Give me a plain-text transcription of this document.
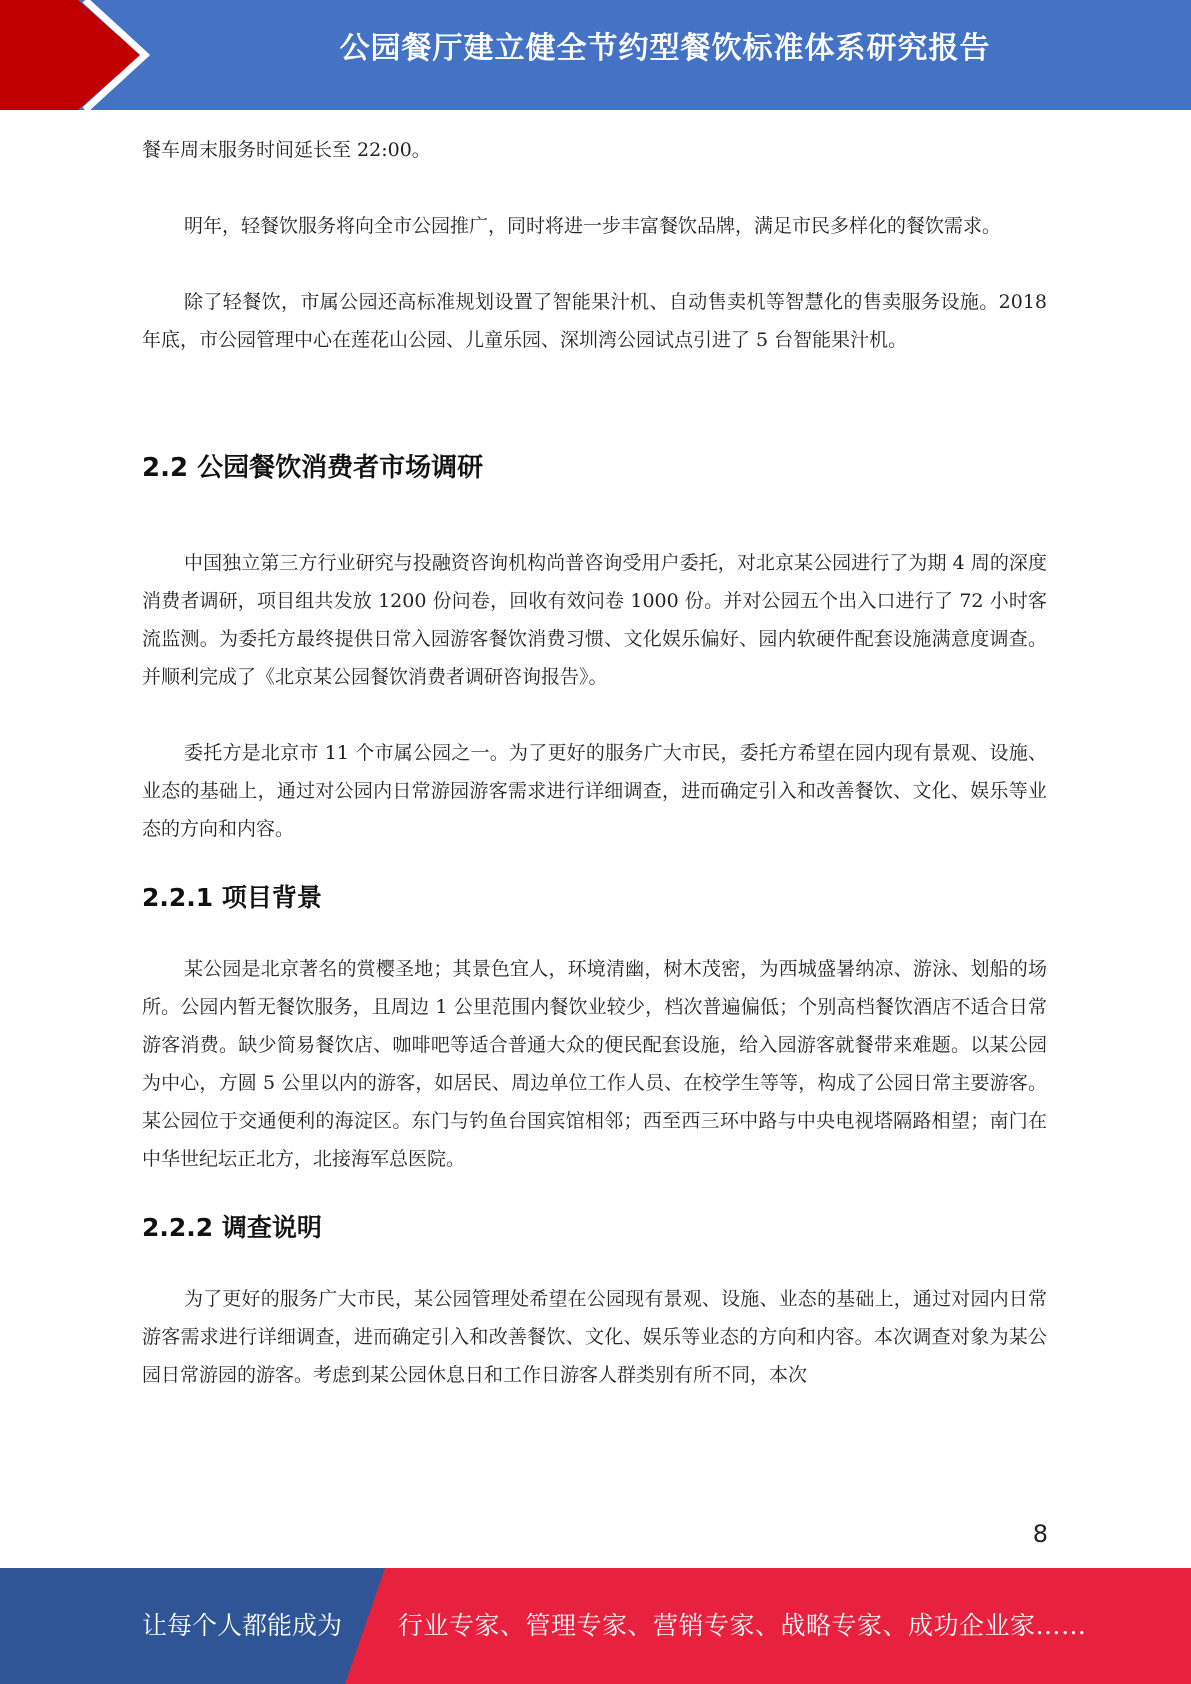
公园餐厅建立健全节约型餐饮标准体系研究报告

餐车周末服务时间延长至 22:00。

明年，轻餐饮服务将向全市公园推广，同时将进一步丰富餐饮品牌，满足市民多样化的餐饮需求。

除了轻餐饮，市属公园还高标准规划设置了智能果汁机、自动售卖机等智慧化的售卖服务设施。2018 年底，市公园管理中心在莲花山公园、儿童乐园、深圳湾公园试点引进了 5 台智能果汁机。

2.2 公园餐饮消费者市场调研

中国独立第三方行业研究与投融资咨询机构尚普咨询受用户委托，对北京某公园进行了为期 4 周的深度消费者调研，项目组共发放 1200 份问卷，回收有效问卷 1000 份。并对公园五个出入口进行了 72 小时客流监测。为委托方最终提供日常入园游客餐饮消费习惯、文化娱乐偏好、园内软硬件配套设施满意度调查。并顺利完成了《北京某公园餐饮消费者调研咨询报告》。

委托方是北京市 11 个市属公园之一。为了更好的服务广大市民，委托方希望在园内现有景观、设施、业态的基础上，通过对公园内日常游园游客需求进行详细调查，进而确定引入和改善餐饮、文化、娱乐等业态的方向和内容。

2.2.1 项目背景

某公园是北京著名的赏樱圣地；其景色宜人，环境清幽，树木茂密，为西城盛暑纳凉、游泳、划船的场所。公园内暂无餐饮服务，且周边 1 公里范围内餐饮业较少，档次普遍偏低；个别高档餐饮酒店不适合日常游客消费。缺少简易餐饮店、咖啡吧等适合普通大众的便民配套设施，给入园游客就餐带来难题。以某公园为中心，方圆 5 公里以内的游客，如居民、周边单位工作人员、在校学生等等，构成了公园日常主要游客。某公园位于交通便利的海淀区。东门与钓鱼台国宾馆相邻；西至西三环中路与中央电视塔隔路相望；南门在中华世纪坛正北方，北接海军总医院。

2.2.2 调查说明

为了更好的服务广大市民，某公园管理处希望在公园现有景观、设施、业态的基础上，通过对园内日常游客需求进行详细调查，进而确定引入和改善餐饮、文化、娱乐等业态的方向和内容。本次调查对象为某公园日常游园的游客。考虑到某公园休息日和工作日游客人群类别有所不同，本次

8
让每个人都能成为 行业专家、管理专家、营销专家、战略专家、成功企业家……
